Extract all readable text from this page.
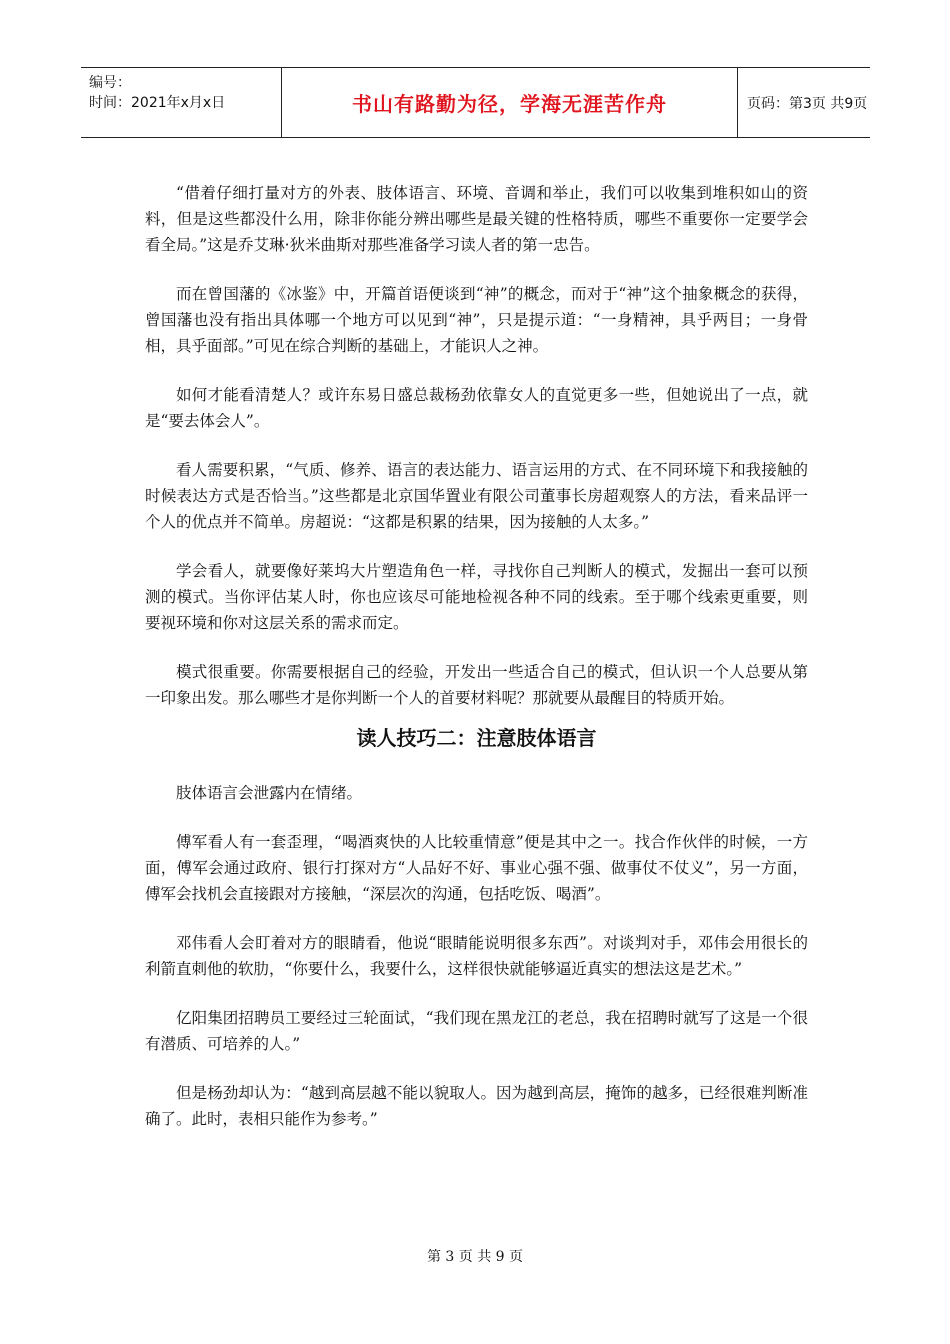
编号：
时间：2021年x月x日	书山有路勤为径，学海无涯苦作舟	页码：第3页 共9页

“借着仔细打量对方的外表、肢体语言、环境、音调和举止，我们可以收集到堆积如山的资料，但是这些都没什么用，除非你能分辨出哪些是最关键的性格特质，哪些不重要你一定要学会看全局。”这是乔艾琳·狄米曲斯对那些准备学习读人者的第一忠告。

而在曾国藩的《冰鉴》中，开篇首语便谈到“神”的概念，而对于“神”这个抽象概念的获得，曾国藩也没有指出具体哪一个地方可以见到“神”，只是提示道：“一身精神，具乎两目；一身骨相，具乎面部。”可见在综合判断的基础上，才能识人之神。

如何才能看清楚人？或许东易日盛总裁杨劲依靠女人的直觉更多一些，但她说出了一点，就是“要去体会人”。

看人需要积累，“气质、修养、语言的表达能力、语言运用的方式、在不同环境下和我接触的时候表达方式是否恰当。”这些都是北京国华置业有限公司董事长房超观察人的方法，看来品评一个人的优点并不简单。房超说：“这都是积累的结果，因为接触的人太多。”

学会看人，就要像好莱坞大片塑造角色一样，寻找你自己判断人的模式，发掘出一套可以预测的模式。当你评估某人时，你也应该尽可能地检视各种不同的线索。至于哪个线索更重要，则要视环境和你对这层关系的需求而定。

模式很重要。你需要根据自己的经验，开发出一些适合自己的模式，但认识一个人总要从第一印象出发。那么哪些才是你判断一个人的首要材料呢？那就要从最醒目的特质开始。

读人技巧二：注意肢体语言

肢体语言会泄露内在情绪。

傅军看人有一套歪理，“喝酒爽快的人比较重情意”便是其中之一。找合作伙伴的时候，一方面，傅军会通过政府、银行打探对方“人品好不好、事业心强不强、做事仗不仗义”，另一方面，傅军会找机会直接跟对方接触，“深层次的沟通，包括吃饭、喝酒”。

邓伟看人会盯着对方的眼睛看，他说“眼睛能说明很多东西”。对谈判对手，邓伟会用很长的利箭直刺他的软肋，“你要什么，我要什么，这样很快就能够逼近真实的想法这是艺术。”

亿阳集团招聘员工要经过三轮面试，“我们现在黑龙江的老总，我在招聘时就写了这是一个很有潜质、可培养的人。”

但是杨劲却认为：“越到高层越不能以貌取人。因为越到高层，掩饰的越多，已经很难判断准确了。此时，表相只能作为参考。”

第 3 页 共 9 页
